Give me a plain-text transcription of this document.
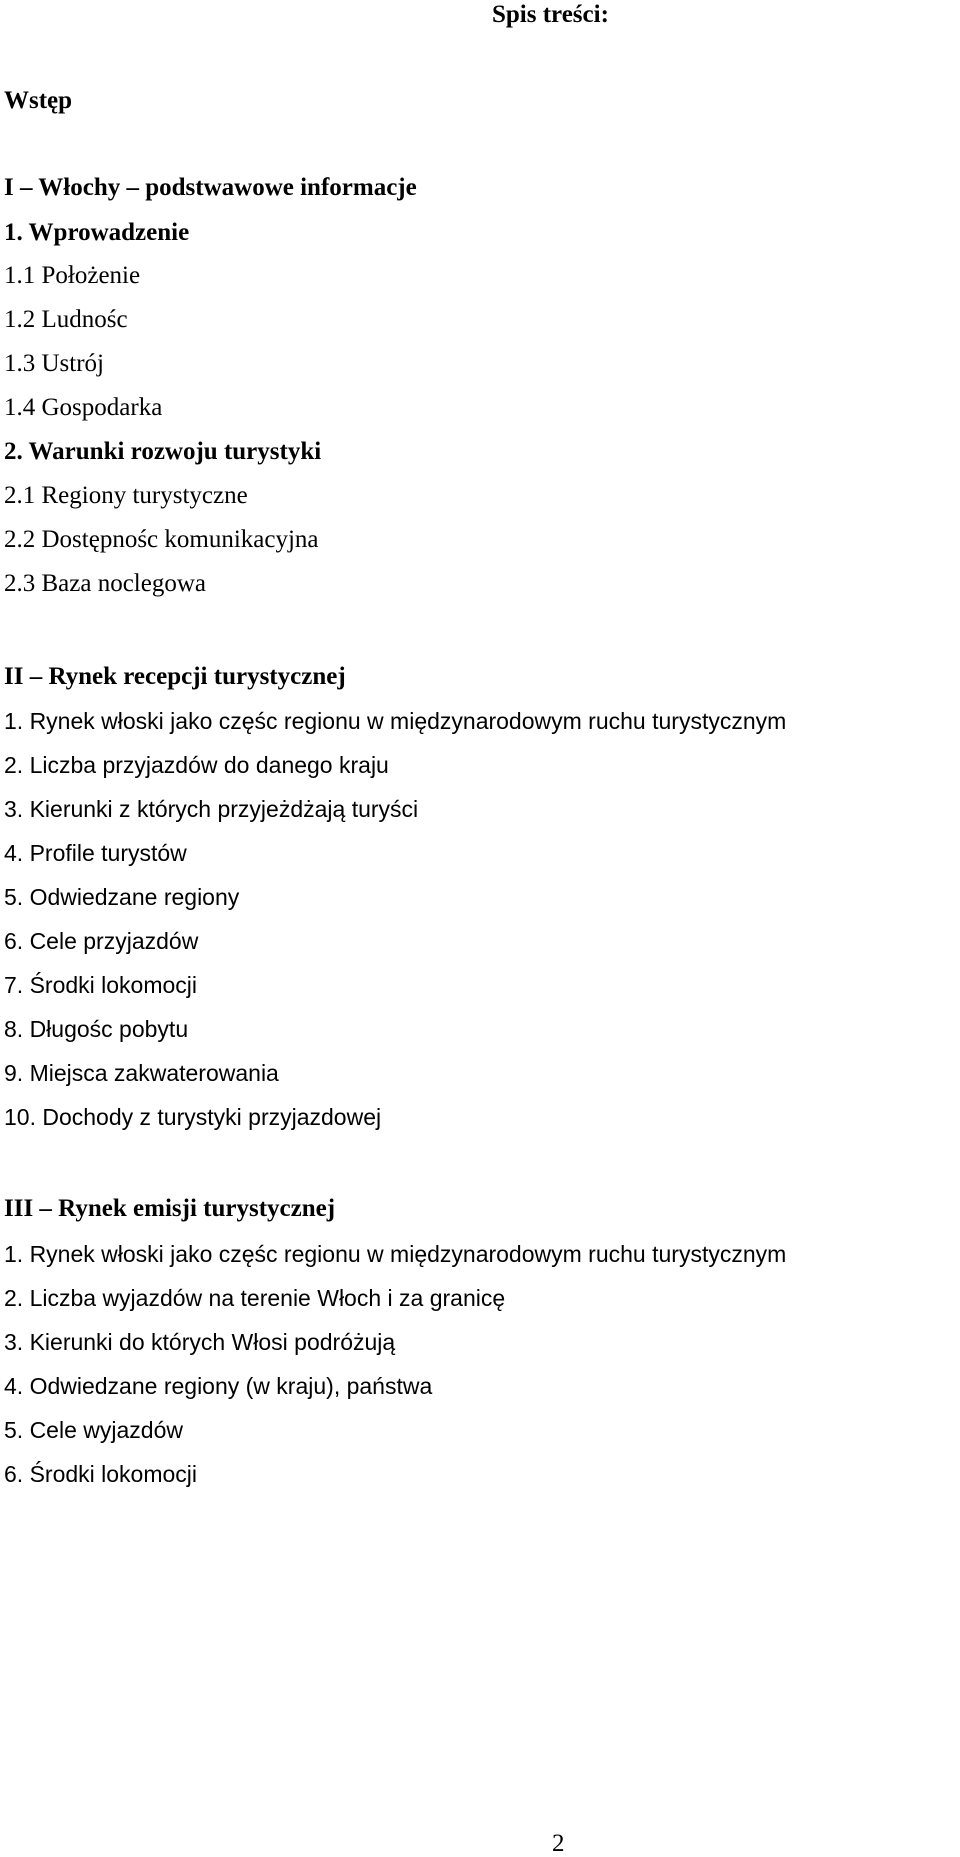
Spis treści:
Wstęp
I – Włochy – podstwawowe informacje
1. Wprowadzenie
1.1 Położenie
1.2 Ludnośc
1.3 Ustrój
1.4 Gospodarka
2. Warunki rozwoju turystyki
2.1 Regiony turystyczne
2.2 Dostępnośc komunikacyjna
2.3 Baza noclegowa
II – Rynek recepcji turystycznej
1. Rynek włoski jako częśc regionu w międzynarodowym ruchu turystycznym
2. Liczba przyjazdów do danego kraju
3. Kierunki z których przyjeżdżają turyści
4. Profile turystów
5. Odwiedzane regiony
6. Cele przyjazdów
7. Środki lokomocji
8. Długośc pobytu
9. Miejsca zakwaterowania
10. Dochody z turystyki przyjazdowej
III – Rynek emisji turystycznej
1. Rynek włoski jako częśc regionu w międzynarodowym ruchu turystycznym
2. Liczba wyjazdów na terenie Włoch i za granicę
3. Kierunki do których Włosi podróżują
4. Odwiedzane regiony (w kraju), państwa
5. Cele wyjazdów
6. Środki lokomocji
2
